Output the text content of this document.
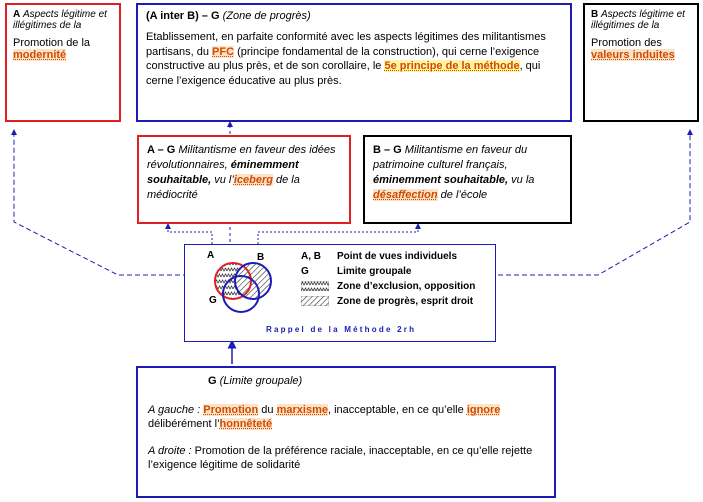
A Aspects légitime et illégitimes de la

Promotion de la

modernité

(A inter B) – G (Zone de progrès)

Etablissement, en parfaite conformité avec les aspects légitimes des militantismes partisans, du PFC (principe fondamental de la construction), qui cerne l’exigence constructive au plus près, et de son corollaire, le 5e principe de la méthode, qui cerne l’exigence éducative au plus près.

B Aspects légitime et illégitimes de la

Promotion des

valeurs induites

A – G Militantisme en faveur des idées révolutionnaires, éminemment souhaitable, vu l’iceberg de la médiocrité

B – G Militantisme en faveur du patrimoine culturel français, éminemment souhaitable, vu la désaffection de l’école

A	B
G
A, B Point de vues individuels
G	Limite groupale
Zone d’exclusion, opposition
Zone de progrès, esprit droit
R a p p e l   d e   l a   M é t h o d e   2 r h

G (Limite groupale)

A gauche : Promotion du marxisme, inacceptable, en ce qu’elle ignore délibérément l’honnêteté

A droite : Promotion de la préférence raciale, inacceptable, en ce qu’elle rejette l’exigence légitime de solidarité
